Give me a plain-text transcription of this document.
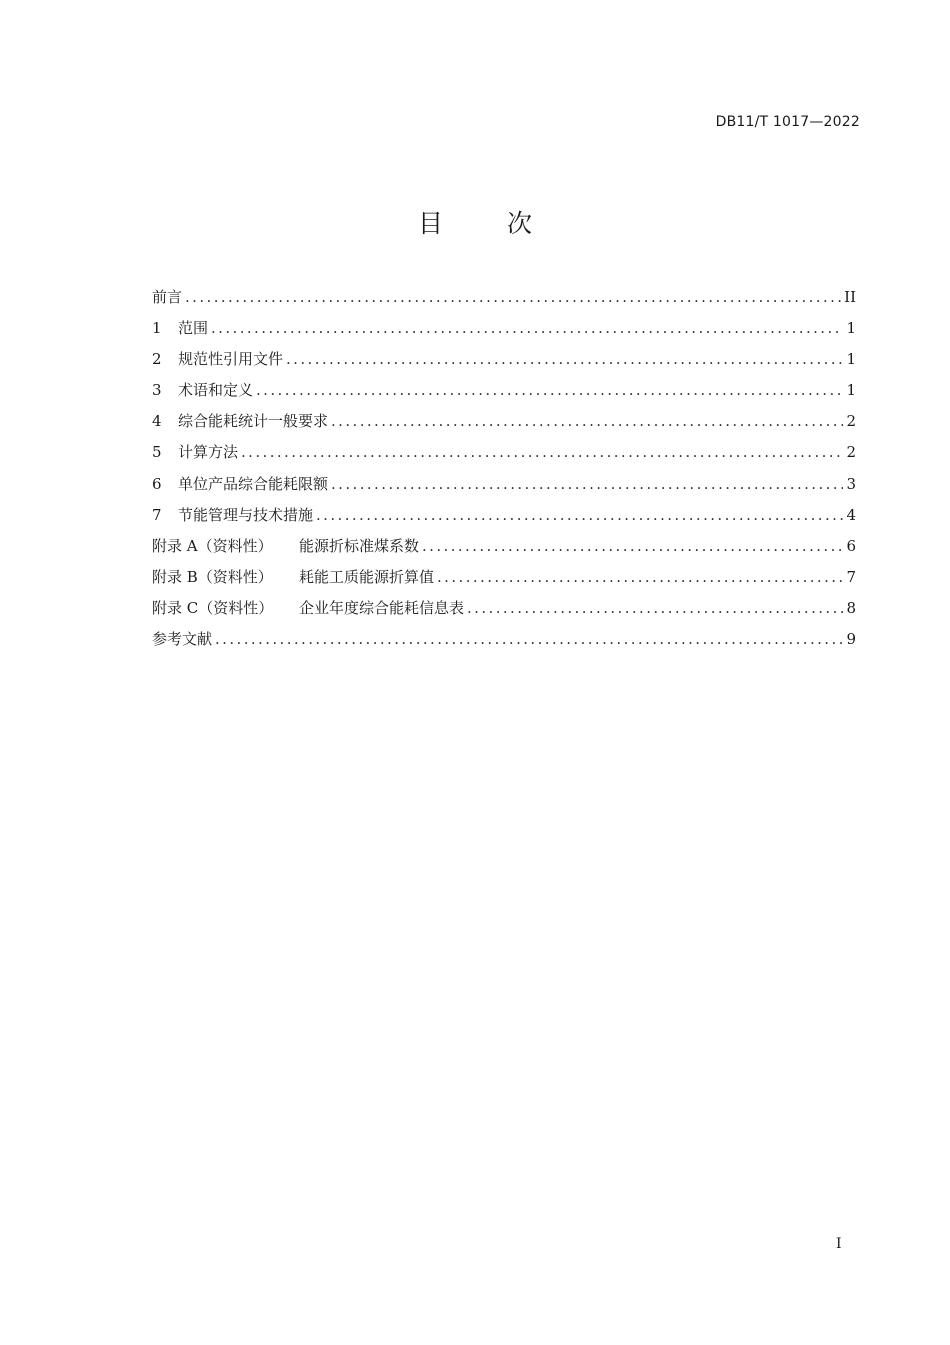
DB11/T 1017—2022
目 次
前言 .....	II
1	范围 .....	1
2	规范性引用文件 .....	1
3	术语和定义 .....	1
4	综合能耗统计一般要求 .....	2
5	计算方法 .....	2
6	单位产品综合能耗限额 .....	3
7	节能管理与技术措施 .....	4
附录 A（资料性）	能源折标准煤系数 .....	6
附录 B（资料性）	耗能工质能源折算值 .....	7
附录 C（资料性）	企业年度综合能耗信息表 .....	8
参考文献 .....	9
I
